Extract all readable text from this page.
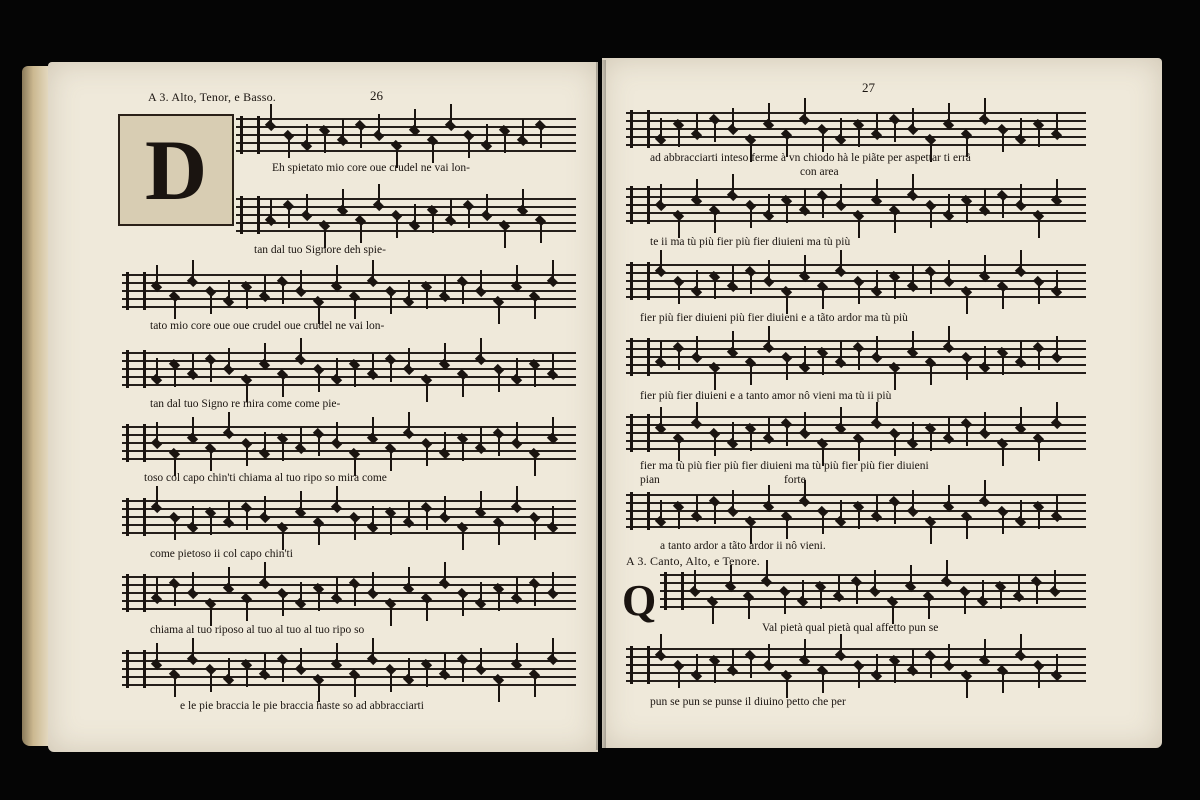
A 3. Alto, Tenor, e Basso.	26
27
D	Eh spietato mio core oue crudel ne vai lon-
tan dal tuo Signore deh spie-
tato mio core oue oue crudel oue crudel ne vai lon-
tan dal tuo Signo re mira come come pie-
toso col capo chin'ti chiama al tuo ripo so mira come
come pietoso ii col capo chin'ti
chiama al tuo riposo al tuo al tuo al tuo ripo so
e le pie braccia le pie braccia haste so ad abbracciarti
ad abbracciarti inteso ferme à vn chiodo hà le piãte per aspettar ti errã
con area
te ii ma tù più fier più fier diuieni ma tù più
fier più fier diuieni più fier diuieni e a tãto ardor ma tù più
fier più fier diuieni e a tanto amor nô vieni ma tù ii più
fier ma tù più fier più fier diuieni ma tù più fier più fier diuieni
pian	forte
a tanto ardor a tãto ardor ii nô vieni.
A 3. Canto, Alto, e Tenore.
Q
Val pietà qual pietà qual affetto pun se
pun se pun se punse il diuino petto che per
